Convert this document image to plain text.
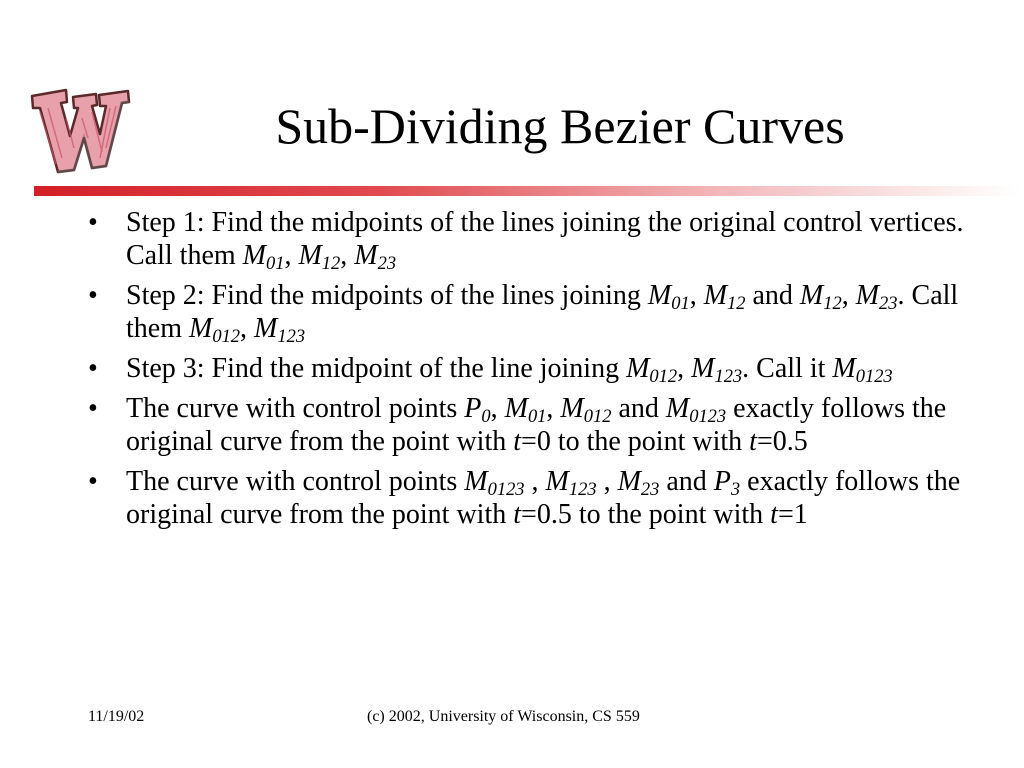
Sub-Dividing Bezier Curves
• Step 1: Find the midpoints of the lines joining the original control vertices. Call them $M_{01}$, $M_{12}$, $M_{23}$
• Step 2: Find the midpoints of the lines joining $M_{01}$, $M_{12}$ and $M_{12}$, $M_{23}$. Call them $M_{012}$, $M_{123}$
• Step 3: Find the midpoint of the line joining $M_{012}$, $M_{123}$. Call it $M_{0123}$
• The curve with control points $P_0$, $M_{01}$, $M_{012}$ and $M_{0123}$ exactly follows the original curve from the point with t=0 to the point with t=0.5
• The curve with control points $M_{0123}$ , $M_{123}$ , $M_{23}$ and $P_3$ exactly follows the original curve from the point with t=0.5 to the point with t=1
11/19/02	(c) 2002, University of Wisconsin, CS 559
